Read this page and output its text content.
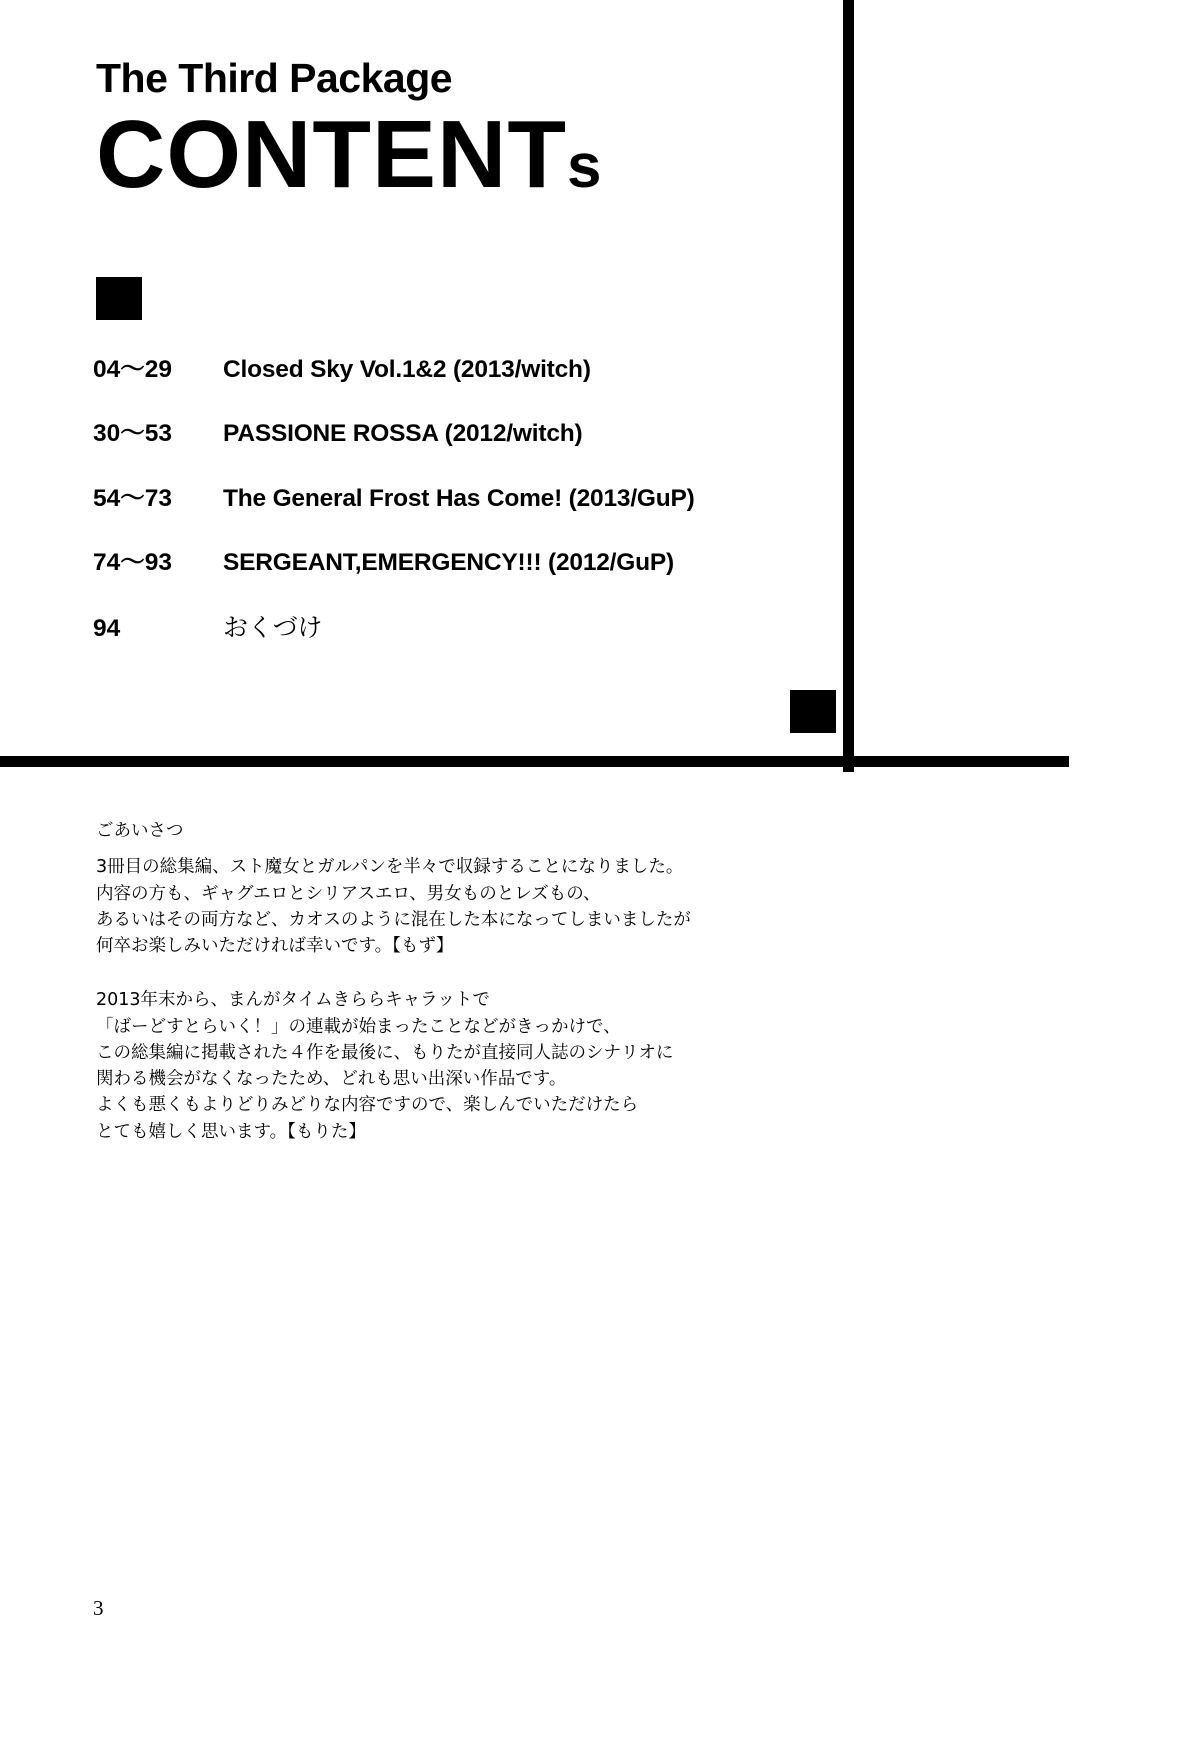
The Third Package
CONTENTs
04〜29	Closed Sky Vol.1&2 (2013/witch)
30〜53	PASSIONE ROSSA (2012/witch)
54〜73	The General Frost Has Come! (2013/GuP)
74〜93	SERGEANT,EMERGENCY!!! (2012/GuP)
94	おくづけ
ごあいさつ

3冊目の総集編、スト魔女とガルパンを半々で収録することになりました。
内容の方も、ギャグエロとシリアスエロ、男女ものとレズもの、
あるいはその両方など、カオスのように混在した本になってしまいましたが
何卒お楽しみいただければ幸いです。【もず】

2013年末から、まんがタイムきららキャラットで
「ばーどすとらいく！」の連載が始まったことなどがきっかけで、
この総集編に掲載された４作を最後に、もりたが直接同人誌のシナリオに
関わる機会がなくなったため、どれも思い出深い作品です。
よくも悪くもよりどりみどりな内容ですので、楽しんでいただけたら
とても嬉しく思います。【もりた】

3
